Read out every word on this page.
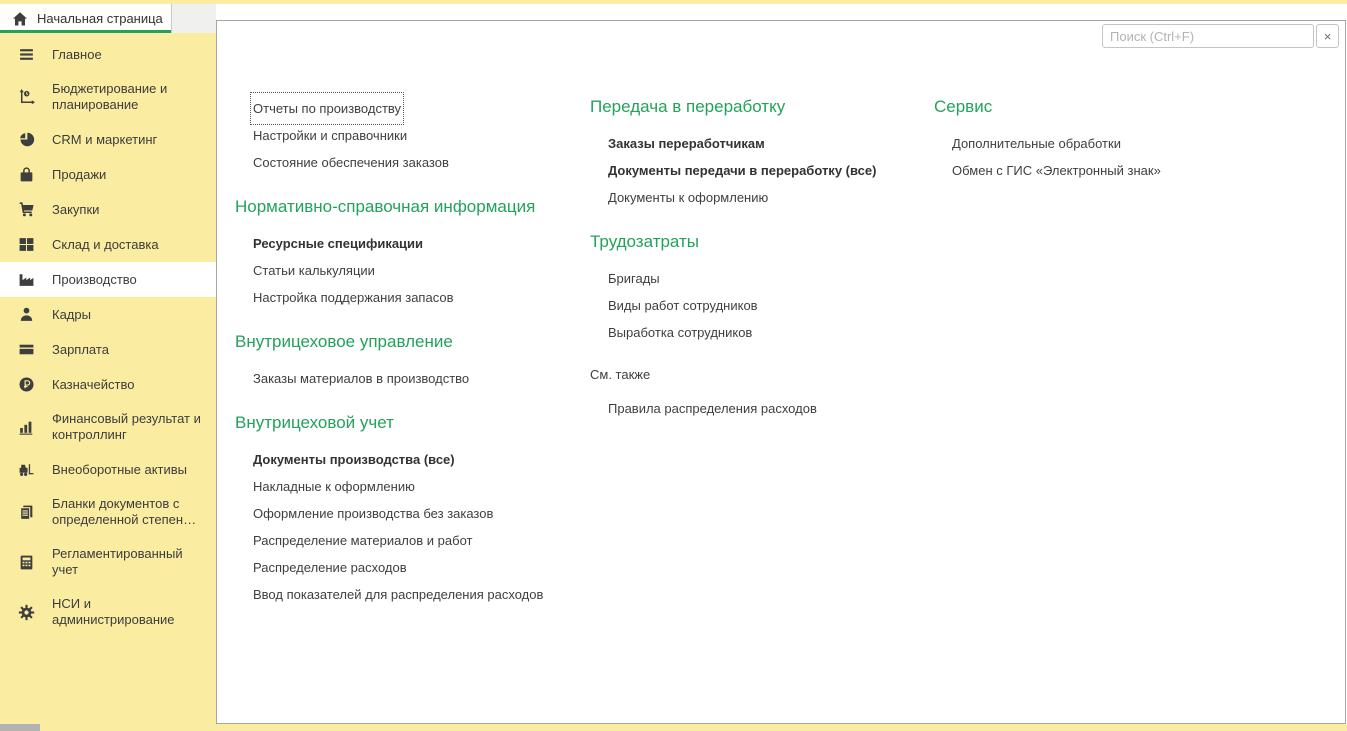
Начальная страница
Главное
Бюджетирование и планирование
CRM и маркетинг
Продажи
Закупки
Склад и доставка
Производство
Кадры
Зарплата
Казначейство
Финансовый результат и контроллинг
Внеоборотные активы
Бланки документов с определенной степен…
Регламентированный учет
НСИ и администрирование
Поиск (Ctrl+F)
×
Отчеты по производству
Настройки и справочники
Состояние обеспечения заказов
Нормативно-справочная информация
Ресурсные спецификации
Статьи калькуляции
Настройка поддержания запасов
Внутрицеховое управление
Заказы материалов в производство
Внутрицеховой учет
Документы производства (все)
Накладные к оформлению
Оформление производства без заказов
Распределение материалов и работ
Распределение расходов
Ввод показателей для распределения расходов
Передача в переработку
Заказы переработчикам
Документы передачи в переработку (все)
Документы к оформлению
Трудозатраты
Бригады
Виды работ сотрудников
Выработка сотрудников
См. также
Правила распределения расходов
Сервис
Дополнительные обработки
Обмен с ГИС «Электронный знак»
